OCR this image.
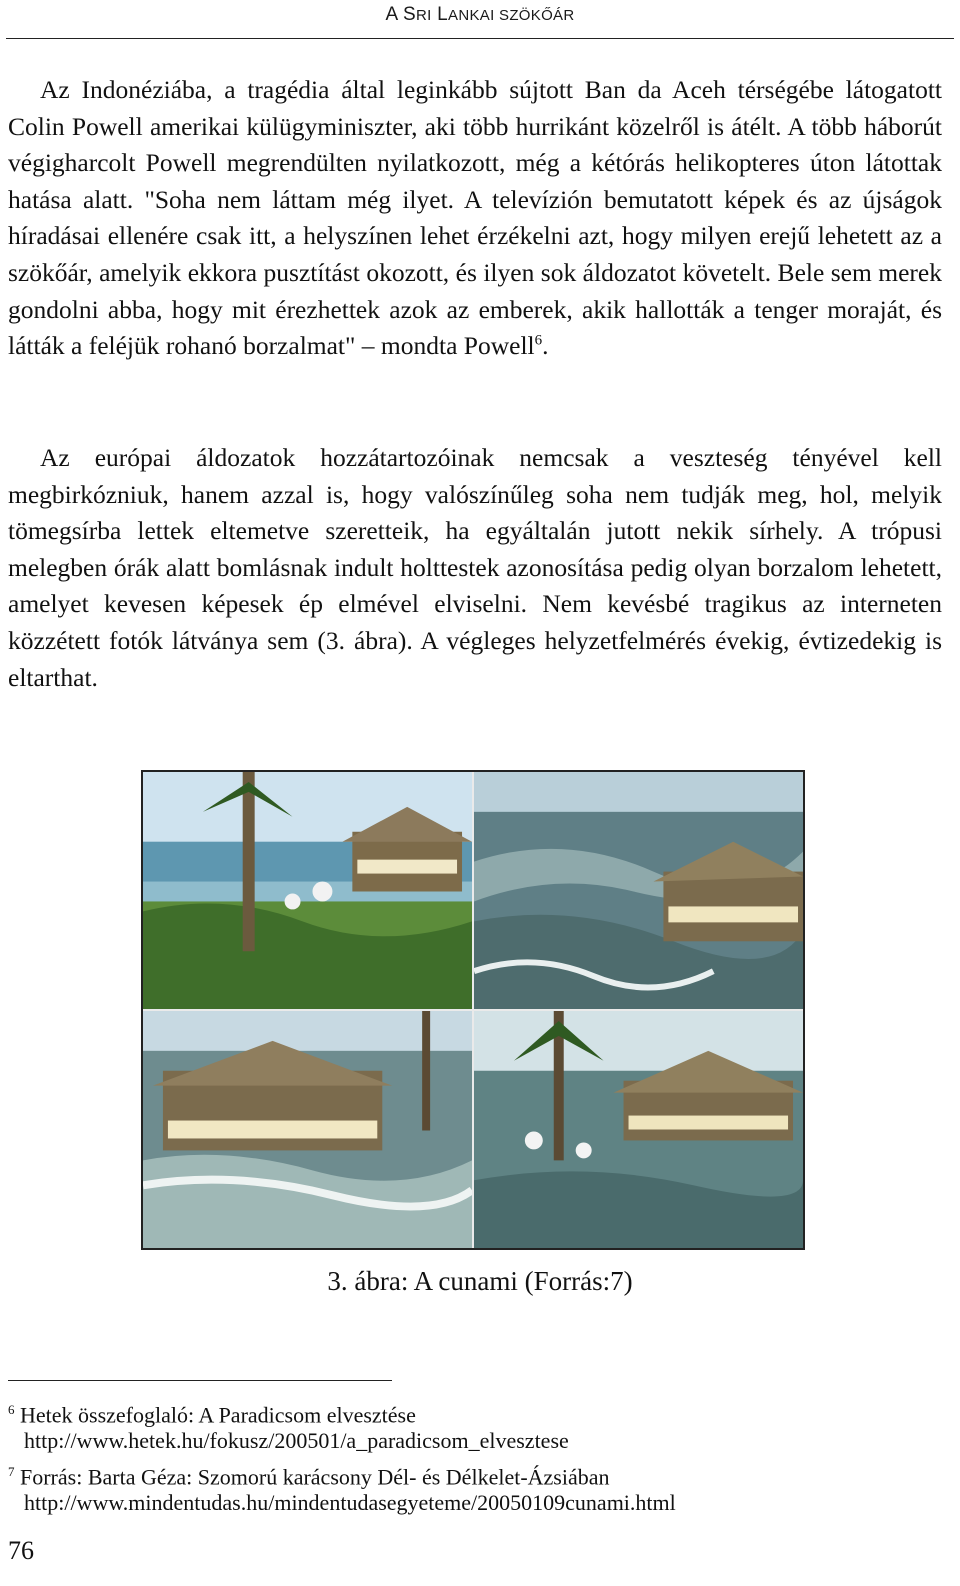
A SRI LANKAI SZÖKŐÁR

Az Indonéziába, a tragédia által leginkább sújtott Ban da Aceh térségébe látogatott Colin Powell amerikai külügyminiszter, aki több hurrikánt közelről is átélt. A több háborút végigharcolt Powell megrendülten nyilatkozott, még a kétórás helikopteres úton látottak hatása alatt. "Soha nem láttam még ilyet. A televízión bemutatott képek és az újságok híradásai ellenére csak itt, a helyszínen lehet érzékelni azt, hogy milyen erejű lehetett az a szökőár, amelyik ekkora pusztítást okozott, és ilyen sok áldozatot követelt. Bele sem merek gondolni abba, hogy mit érezhettek azok az emberek, akik hallották a tenger moraját, és látták a feléjük rohanó borzalmat" – mondta Powell$^6$.

Az európai áldozatok hozzátartozóinak nemcsak a veszteség tényével kell megbirkózniuk, hanem azzal is, hogy valószínűleg soha nem tudják meg, hol, melyik tömegsírba lettek eltemetve szeretteik, ha egyáltalán jutott nekik sírhely. A trópusi melegben órák alatt bomlásnak indult holttestek azonosítása pedig olyan borzalom lehetett, amelyet kevesen képesek ép elmével elviselni. Nem kevésbé tragikus az interneten közzétett fotók látványa sem (3. ábra). A végleges helyzetfelmérés évekig, évtizedekig is eltarthat.

3. ábra: A cunami (Forrás:7)
$^6$ Hetek összefoglaló: A Paradicsom elvesztése
http://www.hetek.hu/fokusz/200501/a_paradicsom_elvesztese
$^7$ Forrás: Barta Géza: Szomorú karácsony Dél- és Délkelet-Ázsiában
http://www.mindentudas.hu/mindentudasegyeteme/20050109cunami.html
76
